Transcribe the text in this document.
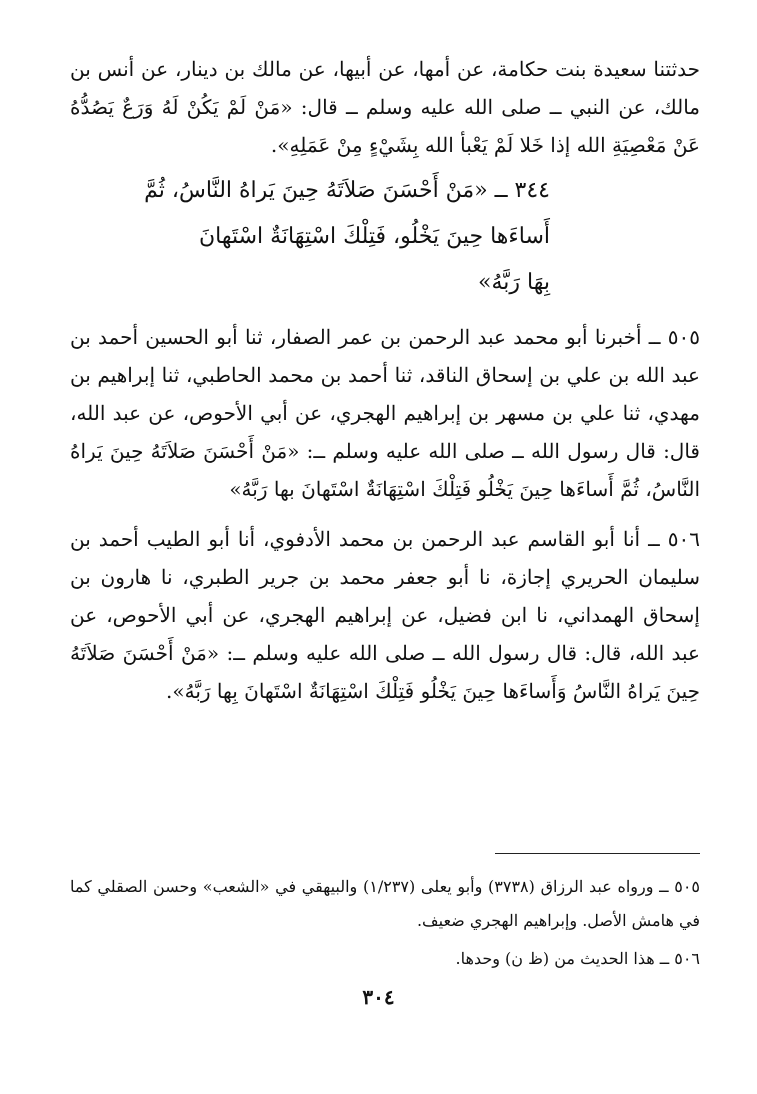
حدثتنا سعيدة بنت حكامة، عن أمها، عن أبيها، عن مالك بن دينار، عن أنس بن مالك، عن النبي ــ صلى الله عليه وسلم ــ قال: «مَنْ لَمْ يَكُنْ لَهُ وَرَعٌ يَصُدُّهُ عَنْ مَعْصِيَةِ الله إذا خَلا لَمْ يَعْبأ الله بِشَيْءٍ مِنْ عَمَلِهِ».

٣٤٤ ــ «مَنْ أَحْسَنَ صَلاَتَهُ حِينَ يَراهُ النَّاسُ، ثُمَّ
أَساءَها حِينَ يَخْلُو، فَتِلْكَ اسْتِهَانَةٌ اسْتَهانَ
بِهَا رَبَّهُ»

٥٠٥ ــ أخبرنا أبو محمد عبد الرحمن بن عمر الصفار، ثنا أبو الحسين أحمد بن عبد الله بن علي بن إسحاق الناقد، ثنا أحمد بن محمد الحاطبي، ثنا إبراهيم بن مهدي، ثنا علي بن مسهر بن إبراهيم الهجري، عن أبي الأحوص، عن عبد الله، قال: قال رسول الله ــ صلى الله عليه وسلم ــ: «مَنْ أَحْسَنَ صَلاَتَهُ حِينَ يَراهُ النَّاسُ، ثُمَّ أَساءَها حِينَ يَخْلُو فَتِلْكَ اسْتِهَانَةٌ اسْتَهانَ بها رَبَّهُ»

٥٠٦ ــ أنا أبو القاسم عبد الرحمن بن محمد الأدفوي، أنا أبو الطيب أحمد بن سليمان الحريري إجازة، نا أبو جعفر محمد بن جرير الطبري، نا هارون بن إسحاق الهمداني، نا ابن فضيل، عن إبراهيم الهجري، عن أبي الأحوص، عن عبد الله، قال: قال رسول الله ــ صلى الله عليه وسلم ــ: «مَنْ أَحْسَنَ صَلاَتَهُ حِينَ يَراهُ النَّاسُ وَأَساءَها حِينَ يَخْلُو فَتِلْكَ اسْتِهَانَةٌ اسْتَهانَ بِها رَبَّهُ».

٥٠٥ ــ ورواه عبد الرزاق (٣٧٣٨) وأبو يعلى (١/٢٣٧) والبيهقي في «الشعب» وحسن الصقلي كما في هامش الأصل. وإبراهيم الهجري ضعيف.

٥٠٦ ــ هذا الحديث من (ظ ن) وحدها.

٣٠٤
